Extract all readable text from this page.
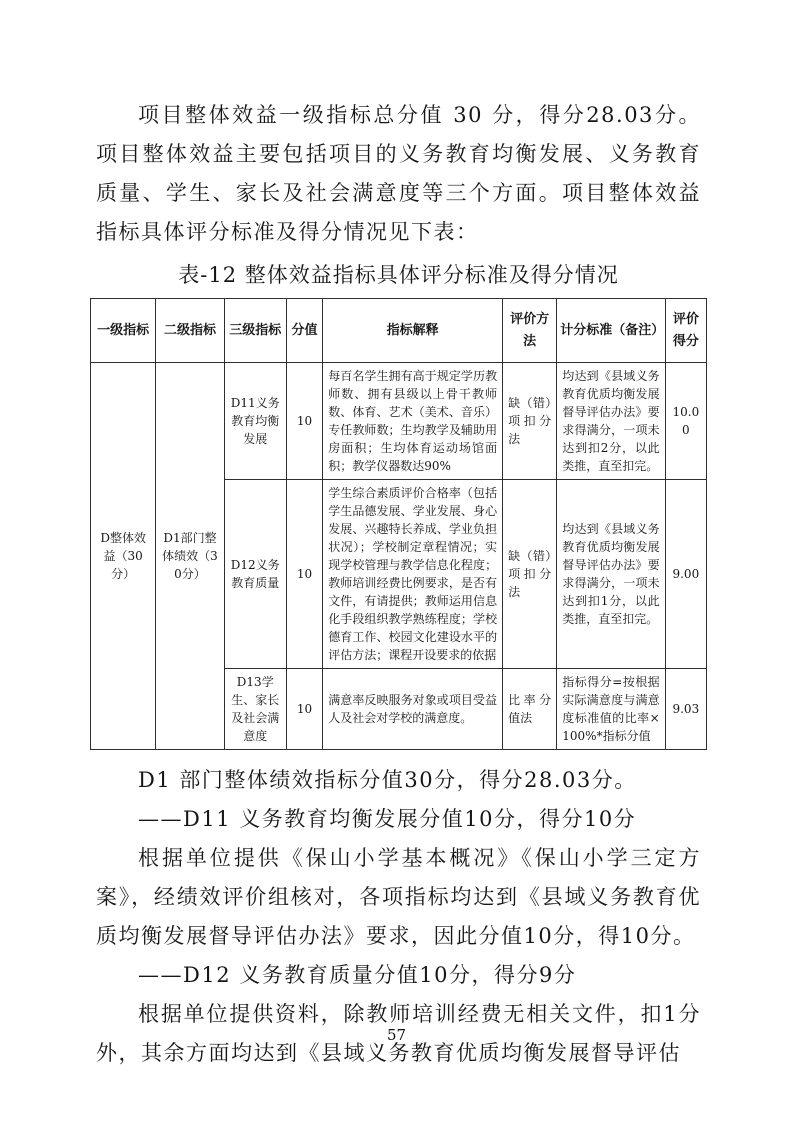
项目整体效益一级指标总分值 30 分，得分28.03分。项目整体效益主要包括项目的义务教育均衡发展、义务教育质量、学生、家长及社会满意度等三个方面。项目整体效益指标具体评分标准及得分情况见下表：

表-12 整体效益指标具体评分标准及得分情况
一级指标	二级指标	三级指标	分值	指标解释	评价方法	计分标准（备注）	评价得分
D整体效益（30分）	D1部门整体绩效（30分）	D11义务教育均衡发展	10	每百名学生拥有高于规定学历教师数、拥有县级以上骨干教师数、体育、艺术（美术、音乐）专任教师数；生均教学及辅助用房面积；生均体育运动场馆面积；教学仪器数达90%	缺（错）项扣分法	均达到《县域义务教育优质均衡发展督导评估办法》要求得满分，一项未达到扣2分，以此类推，直至扣完。	10.00
		D12义务教育质量	10	学生综合素质评价合格率（包括学生品德发展、学业发展、身心发展、兴趣特长养成、学业负担状况）；学校制定章程情况；实现学校管理与教学信息化程度；教师培训经费比例要求，是否有文件，有请提供；教师运用信息化手段组织教学熟练程度；学校德育工作、校园文化建设水平的评估方法；课程开设要求的依据	缺（错）项扣分法	均达到《县域义务教育优质均衡发展督导评估办法》要求得满分，一项未达到扣1分，以此类推，直至扣完。	9.00
		D13学生、家长及社会满意度	10	满意率反映服务对象或项目受益人及社会对学校的满意度。	比率分值法	指标得分=按根据实际满意度与满意度标准值的比率×100%*指标分值	9.03

D1 部门整体绩效指标分值30分，得分28.03分。

——D11 义务教育均衡发展分值10分，得分10分

根据单位提供《保山小学基本概况》《保山小学三定方案》，经绩效评价组核对，各项指标均达到《县域义务教育优质均衡发展督导评估办法》要求，因此分值10分，得10分。

——D12 义务教育质量分值10分，得分9分

根据单位提供资料，除教师培训经费无相关文件，扣1分外，其余方面均达到《县域义务教育优质均衡发展督导评估

57
